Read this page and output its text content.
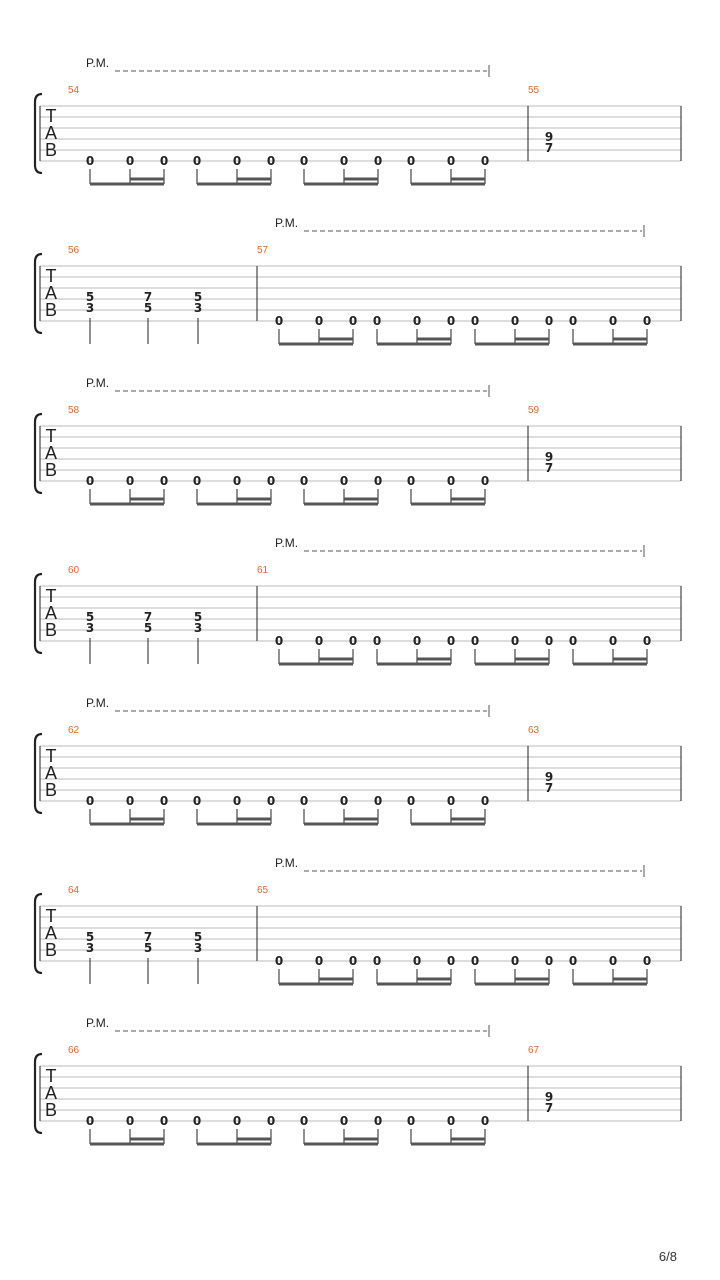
T
A
B
54	55
P.M.
0	0 0 0	0 0 0	0 0 0	0 0
9
7
T
A
B
56	57
P.M.
0	0 0 0	0 0 0	0 0 0	0 0
5
3
7
5
5
3
T
A
B
58	59
P.M.
0	0 0 0	0 0 0	0 0 0	0 0
9
7
T
A
B
60	61
P.M.
0	0 0 0	0 0 0	0 0 0	0 0
5
3
7
5
5
3
T
A
B
62	63
P.M.
0	0 0 0	0 0 0	0 0 0	0 0
9
7
T
A
B
64	65
P.M.
0	0 0 0	0 0 0	0 0 0	0 0
5
3
7
5
5
3
T
A
B
66	67
P.M.
0	0 0 0	0 0 0	0 0 0	0 0
9
7
6/8
